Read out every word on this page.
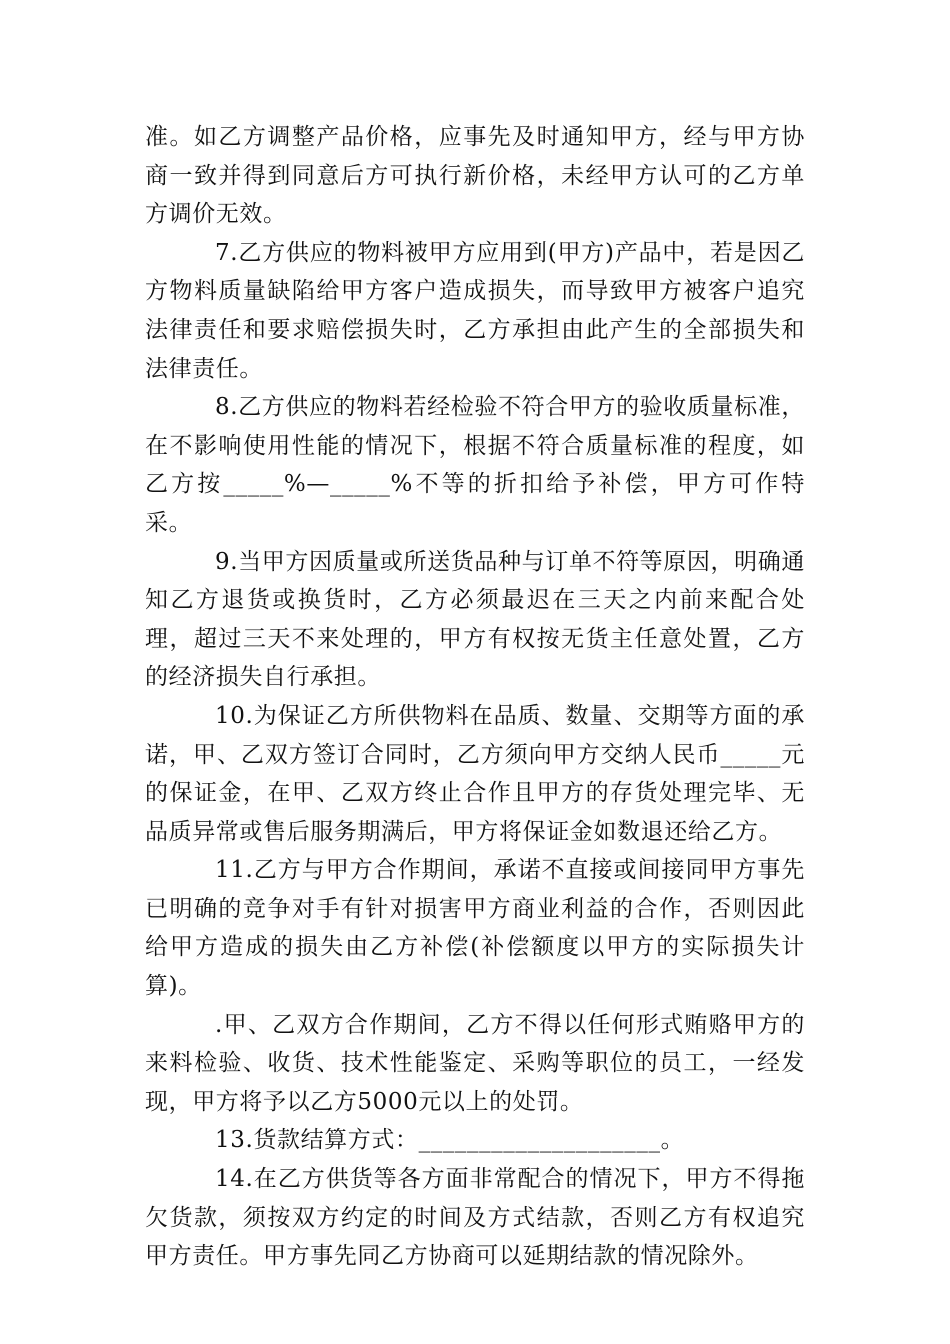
准。如乙方调整产品价格，应事先及时通知甲方，经与甲方协商一致并得到同意后方可执行新价格，未经甲方认可的乙方单方调价无效。

7.乙方供应的物料被甲方应用到(甲方)产品中，若是因乙方物料质量缺陷给甲方客户造成损失，而导致甲方被客户追究法律责任和要求赔偿损失时，乙方承担由此产生的全部损失和法律责任。

8.乙方供应的物料若经检验不符合甲方的验收质量标准，在不影响使用性能的情况下，根据不符合质量标准的程度，如乙方按_____%—_____%不等的折扣给予补偿，甲方可作特采。

9.当甲方因质量或所送货品种与订单不符等原因，明确通知乙方退货或换货时，乙方必须最迟在三天之内前来配合处理，超过三天不来处理的，甲方有权按无货主任意处置，乙方的经济损失自行承担。

10.为保证乙方所供物料在品质、数量、交期等方面的承诺，甲、乙双方签订合同时，乙方须向甲方交纳人民币_____元的保证金，在甲、乙双方终止合作且甲方的存货处理完毕、无品质异常或售后服务期满后，甲方将保证金如数退还给乙方。

11.乙方与甲方合作期间，承诺不直接或间接同甲方事先已明确的竞争对手有针对损害甲方商业利益的合作，否则因此给甲方造成的损失由乙方补偿(补偿额度以甲方的实际损失计算)。

.甲、乙双方合作期间，乙方不得以任何形式贿赂甲方的来料检验、收货、技术性能鉴定、采购等职位的员工，一经发现，甲方将予以乙方5000元以上的处罚。

13.货款结算方式：____________________。

14.在乙方供货等各方面非常配合的情况下，甲方不得拖欠货款，须按双方约定的时间及方式结款，否则乙方有权追究甲方责任。甲方事先同乙方协商可以延期结款的情况除外。
